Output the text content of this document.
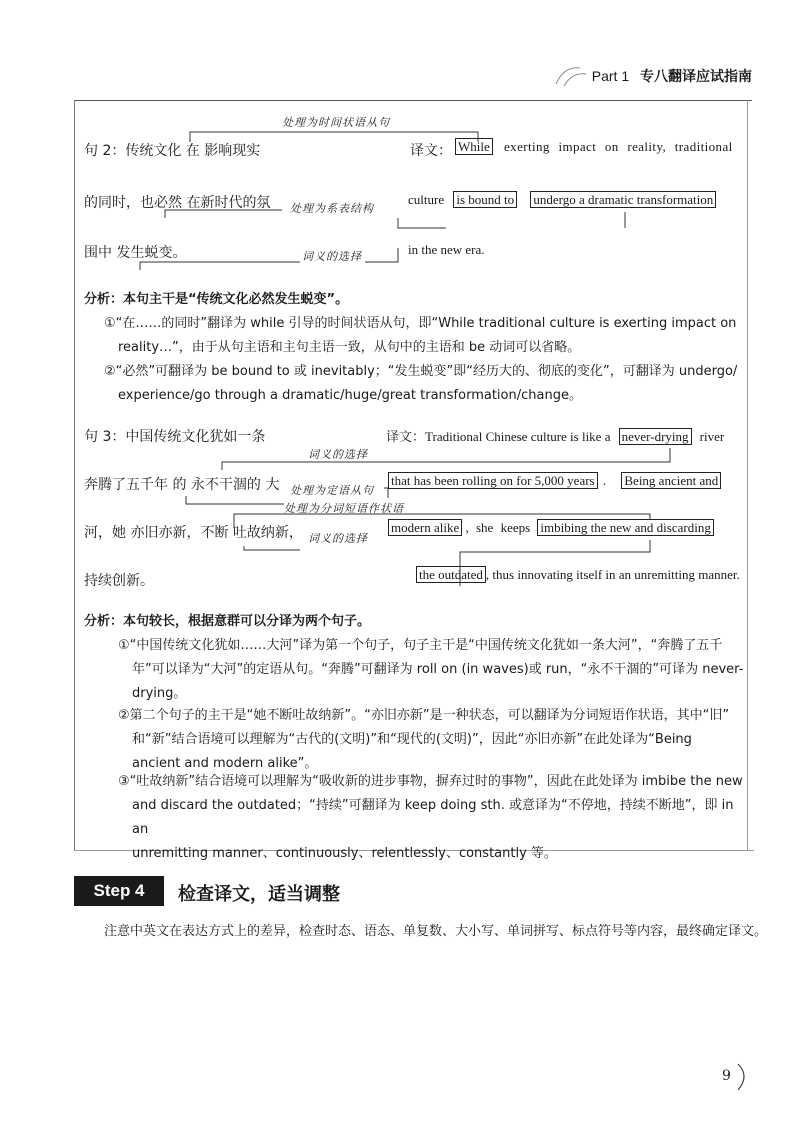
Part 1 专八翻译应试指南
句 2：传统文化 在 影响现实
处理为时间状语从句
译文： While exerting impact on reality, traditional
的同时，也必然 在新时代的氛 处理为系表结构
culture is bound to undergo a dramatic transformation
围中 发生蜕变。	词义的选择	in the new era.
分析：本句主干是“传统文化必然发生蜕变”。
①“在……的同时”翻译为 while 引导的时间状语从句，即“While traditional culture is exerting impact on
reality…”，由于从句主语和主句主语一致，从句中的主语和 be 动词可以省略。
②“必然”可翻译为 be bound to 或 inevitably；“发生蜕变”即“经历大的、彻底的变化”，可翻译为 undergo/
experience/go through a dramatic/huge/great transformation/change。
句 3：中国传统文化犹如一条	译文：Traditional Chinese culture is like a never-drying river
词义的选择
奔腾了五千年 的 永不干涸的 大 处理为定语从句
that has been rolling on for 5,000 years . Being ancient and
处理为分词短语作状语
河，她 亦旧亦新，不断 吐故纳新， 词义的选择
modern alike , she keeps imbibing the new and discarding
持续创新。	the outdated , thus innovating itself in an unremitting manner.
分析：本句较长，根据意群可以分译为两个句子。
①“中国传统文化犹如……大河”译为第一个句子，句子主干是“中国传统文化犹如一条大河”，“奔腾了五千
年”可以译为“大河”的定语从句。“奔腾”可翻译为 roll on (in waves)或 run，“永不干涸的”可译为 never-
drying。
②第二个句子的主干是“她不断吐故纳新”。“亦旧亦新”是一种状态，可以翻译为分词短语作状语，其中“旧”
和“新”结合语境可以理解为“古代的(文明)”和“现代的(文明)”，因此“亦旧亦新”在此处译为“Being
ancient and modern alike”。
③“吐故纳新”结合语境可以理解为“吸收新的进步事物，摒弃过时的事物”，因此在此处译为 imbibe the new
and discard the outdated；“持续”可翻译为 keep doing sth. 或意译为“不停地，持续不断地”，即 in an
unremitting manner、continuously、relentlessly、constantly 等。
Step 4	检查译文，适当调整
注意中英文在表达方式上的差异，检查时态、语态、单复数、大小写、单词拼写、标点符号等内容，最终确定译文。
9
